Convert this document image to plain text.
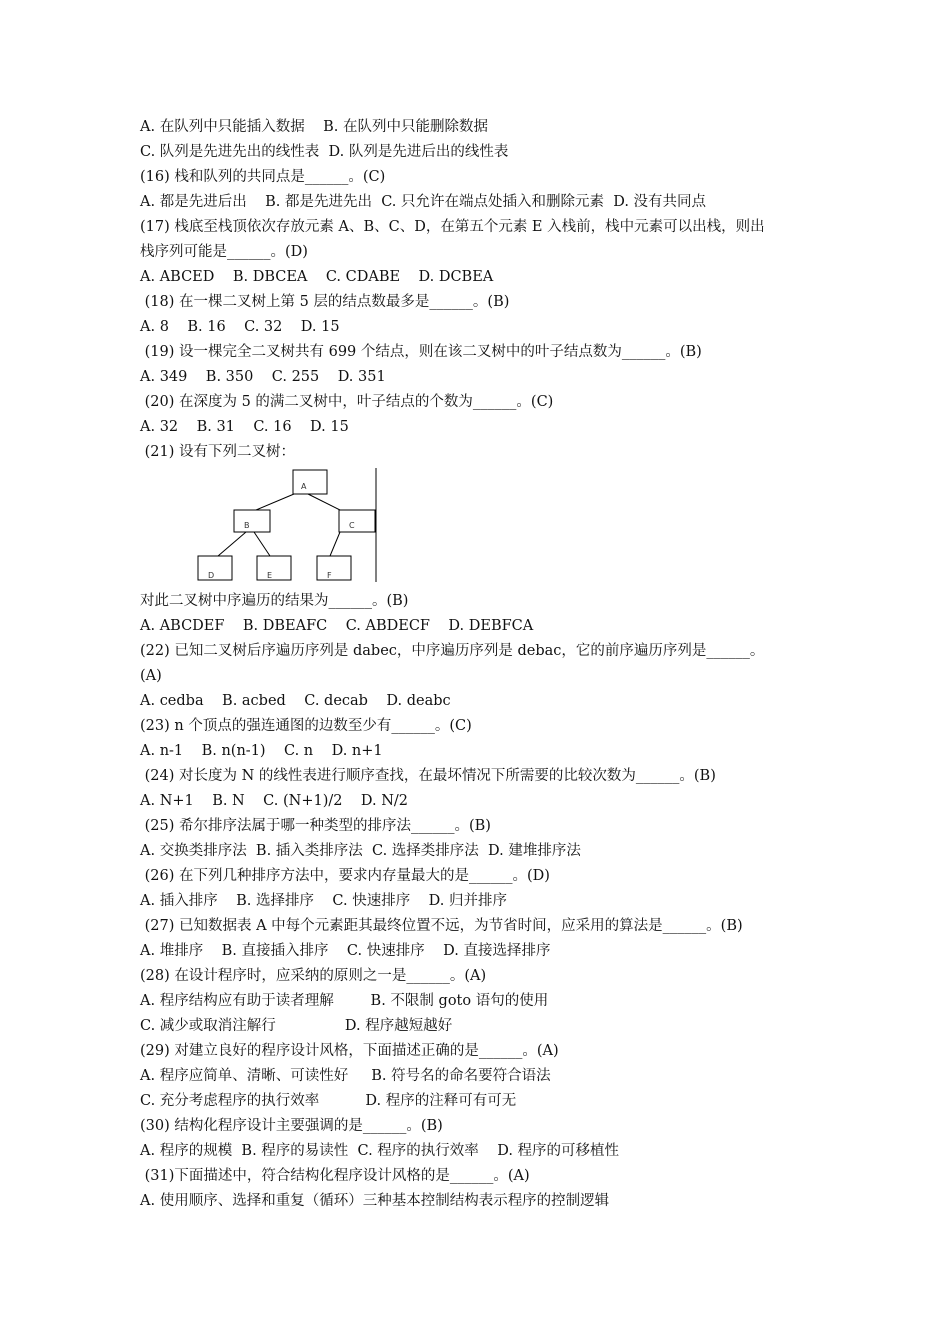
A. 在队列中只能插入数据    B. 在队列中只能删除数据
C. 队列是先进先出的线性表  D. 队列是先进后出的线性表
(16) 栈和队列的共同点是______。(C)
A. 都是先进后出    B. 都是先进先出  C. 只允许在端点处插入和删除元素  D. 没有共同点
(17) 栈底至栈顶依次存放元素 A、B、C、D，在第五个元素 E 入栈前，栈中元素可以出栈，则出
栈序列可能是______。(D)
A. ABCED    B. DBCEA    C. CDABE    D. DCBEA
(18) 在一棵二叉树上第 5 层的结点数最多是______。(B)
A. 8    B. 16    C. 32    D. 15
(19) 设一棵完全二叉树共有 699 个结点，则在该二叉树中的叶子结点数为______。(B)
A. 349    B. 350    C. 255    D. 351
(20) 在深度为 5 的满二叉树中，叶子结点的个数为______。(C)
A. 32    B. 31    C. 16    D. 15
(21) 设有下列二叉树：
A
B	C
D	E	F
对此二叉树中序遍历的结果为______。(B)
A. ABCDEF    B. DBEAFC    C. ABDECF    D. DEBFCA
(22) 已知二叉树后序遍历序列是 dabec，中序遍历序列是 debac，它的前序遍历序列是______。
(A)
A. cedba    B. acbed    C. decab    D. deabc
(23) n 个顶点的强连通图的边数至少有______。(C)
A. n-1    B. n(n-1)    C. n    D. n+1
(24) 对长度为 N 的线性表进行顺序查找，在最坏情况下所需要的比较次数为______。(B)
A. N+1    B. N    C. (N+1)/2    D. N/2
(25) 希尔排序法属于哪一种类型的排序法______。(B)
A. 交换类排序法  B. 插入类排序法  C. 选择类排序法  D. 建堆排序法
(26) 在下列几种排序方法中，要求内存量最大的是______。(D)
A. 插入排序    B. 选择排序    C. 快速排序    D. 归并排序
(27) 已知数据表 A 中每个元素距其最终位置不远，为节省时间，应采用的算法是______。(B)
A. 堆排序    B. 直接插入排序    C. 快速排序    D. 直接选择排序
(28) 在设计程序时，应采纳的原则之一是______。(A)
A. 程序结构应有助于读者理解        B. 不限制 goto 语句的使用
C. 减少或取消注解行               D. 程序越短越好
(29) 对建立良好的程序设计风格，下面描述正确的是______。(A)
A. 程序应简单、清晰、可读性好     B. 符号名的命名要符合语法
C. 充分考虑程序的执行效率          D. 程序的注释可有可无
(30) 结构化程序设计主要强调的是______。(B)
A. 程序的规模  B. 程序的易读性  C. 程序的执行效率    D. 程序的可移植性
(31)下面描述中，符合结构化程序设计风格的是______。(A)
A. 使用顺序、选择和重复（循环）三种基本控制结构表示程序的控制逻辑
